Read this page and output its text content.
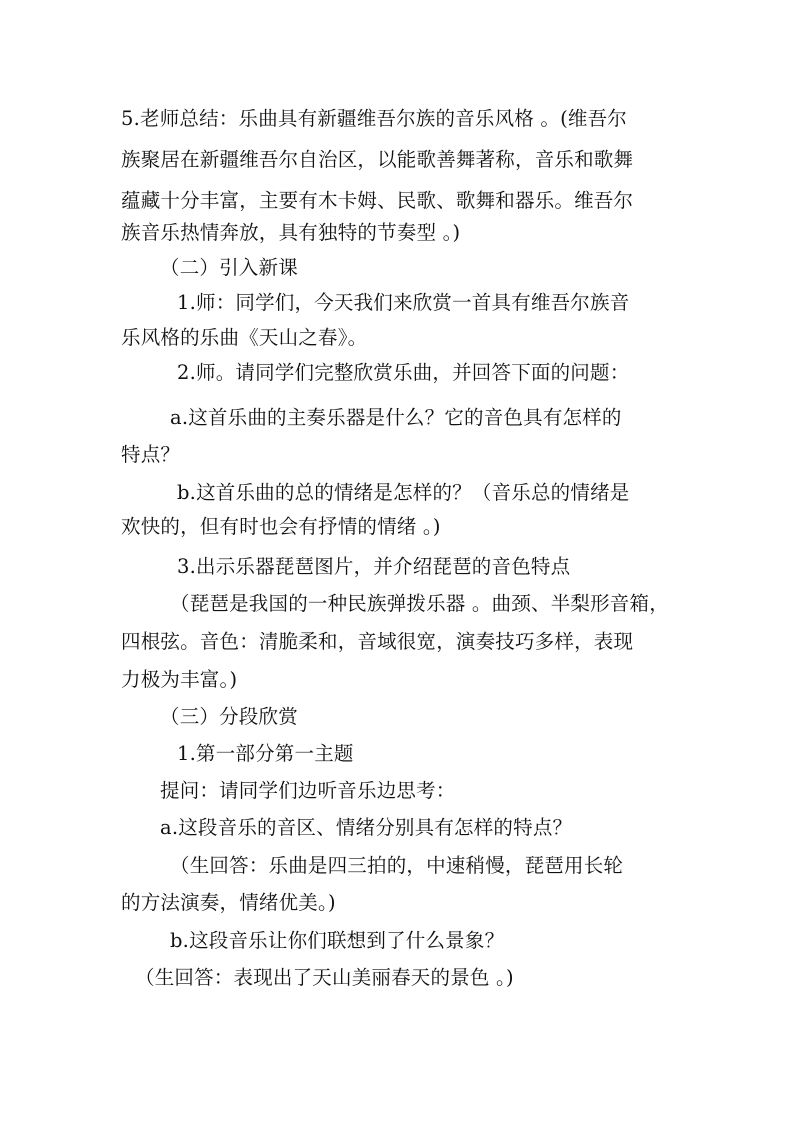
5.老师总结：乐曲具有新疆维吾尔族的音乐风格 。(维吾尔
族聚居在新疆维吾尔自治区，以能歌善舞著称，音乐和歌舞
蕴藏十分丰富，主要有木卡姆、民歌、歌舞和器乐。维吾尔
族音乐热情奔放，具有独特的节奏型 。)
（二）引入新课
1.师：同学们，今天我们来欣赏一首具有维吾尔族音
乐风格的乐曲《天山之春》。
2.师。请同学们完整欣赏乐曲，并回答下面的问题：
a.这首乐曲的主奏乐器是什么？它的音色具有怎样的
特点？
b.这首乐曲的总的情绪是怎样的？（音乐总的情绪是
欢快的，但有时也会有抒情的情绪 。)
3.出示乐器琵琶图片，并介绍琵琶的音色特点
（琵琶是我国的一种民族弹拨乐器 。曲颈、半梨形音箱，
四根弦。音色：清脆柔和，音域很宽，演奏技巧多样，表现
力极为丰富。)
（三）分段欣赏
1.第一部分第一主题
提问：请同学们边听音乐边思考：
a.这段音乐的音区、情绪分别具有怎样的特点？
（生回答：乐曲是四三拍的，中速稍慢，琵琶用长轮
的方法演奏，情绪优美。)
b.这段音乐让你们联想到了什么景象？
（生回答：表现出了天山美丽春天的景色 。)
